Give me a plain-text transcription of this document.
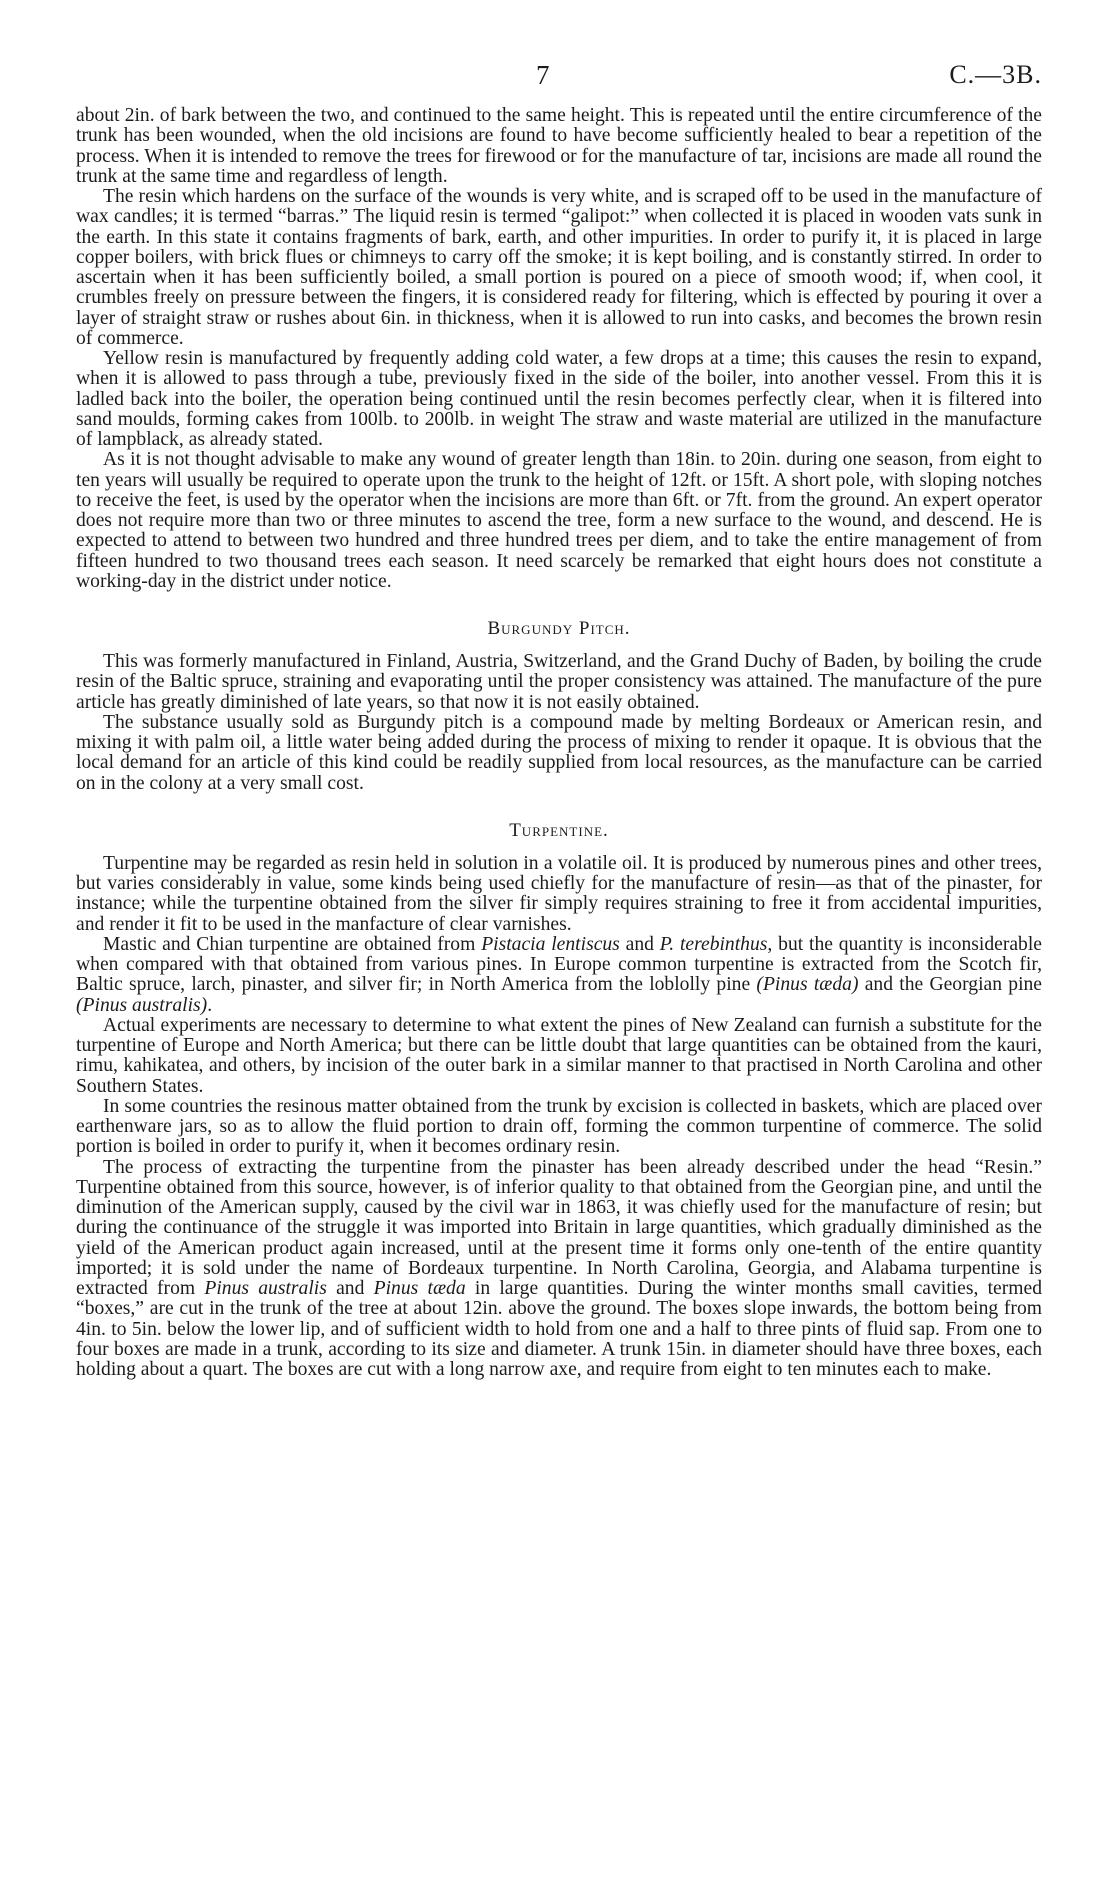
7	C.—3B.

about 2in. of bark between the two, and continued to the same height. This is repeated until the entire circumference of the trunk has been wounded, when the old incisions are found to have become sufficiently healed to bear a repetition of the process. When it is intended to remove the trees for firewood or for the manufacture of tar, incisions are made all round the trunk at the same time and regardless of length.

The resin which hardens on the surface of the wounds is very white, and is scraped off to be used in the manufacture of wax candles; it is termed “barras.” The liquid resin is termed “galipot:” when collected it is placed in wooden vats sunk in the earth. In this state it contains fragments of bark, earth, and other impurities. In order to purify it, it is placed in large copper boilers, with brick flues or chimneys to carry off the smoke; it is kept boiling, and is constantly stirred. In order to ascertain when it has been sufficiently boiled, a small portion is poured on a piece of smooth wood; if, when cool, it crumbles freely on pressure between the fingers, it is considered ready for filtering, which is effected by pouring it over a layer of straight straw or rushes about 6in. in thickness, when it is allowed to run into casks, and becomes the brown resin of commerce.

Yellow resin is manufactured by frequently adding cold water, a few drops at a time; this causes the resin to expand, when it is allowed to pass through a tube, previously fixed in the side of the boiler, into another vessel. From this it is ladled back into the boiler, the operation being continued until the resin becomes perfectly clear, when it is filtered into sand moulds, forming cakes from 100lb. to 200lb. in weight The straw and waste material are utilized in the manufacture of lampblack, as already stated.

As it is not thought advisable to make any wound of greater length than 18in. to 20in. during one season, from eight to ten years will usually be required to operate upon the trunk to the height of 12ft. or 15ft. A short pole, with sloping notches to receive the feet, is used by the operator when the incisions are more than 6ft. or 7ft. from the ground. An expert operator does not require more than two or three minutes to ascend the tree, form a new surface to the wound, and descend. He is expected to attend to between two hundred and three hundred trees per diem, and to take the entire management of from fifteen hundred to two thousand trees each season. It need scarcely be remarked that eight hours does not constitute a working-day in the district under notice.

Burgundy Pitch.

This was formerly manufactured in Finland, Austria, Switzerland, and the Grand Duchy of Baden, by boiling the crude resin of the Baltic spruce, straining and evaporating until the proper consistency was attained. The manufacture of the pure article has greatly diminished of late years, so that now it is not easily obtained.

The substance usually sold as Burgundy pitch is a compound made by melting Bordeaux or American resin, and mixing it with palm oil, a little water being added during the process of mixing to render it opaque. It is obvious that the local demand for an article of this kind could be readily supplied from local resources, as the manufacture can be carried on in the colony at a very small cost.

Turpentine.

Turpentine may be regarded as resin held in solution in a volatile oil. It is produced by numerous pines and other trees, but varies considerably in value, some kinds being used chiefly for the manufacture of resin—as that of the pinaster, for instance; while the turpentine obtained from the silver fir simply requires straining to free it from accidental impurities, and render it fit to be used in the manfacture of clear varnishes.

Mastic and Chian turpentine are obtained from Pistacia lentiscus and P. terebinthus, but the quantity is inconsiderable when compared with that obtained from various pines. In Europe common turpentine is extracted from the Scotch fir, Baltic spruce, larch, pinaster, and silver fir; in North America from the loblolly pine (Pinus tæda) and the Georgian pine (Pinus australis).

Actual experiments are necessary to determine to what extent the pines of New Zealand can furnish a substitute for the turpentine of Europe and North America; but there can be little doubt that large quantities can be obtained from the kauri, rimu, kahikatea, and others, by incision of the outer bark in a similar manner to that practised in North Carolina and other Southern States.

In some countries the resinous matter obtained from the trunk by excision is collected in baskets, which are placed over earthenware jars, so as to allow the fluid portion to drain off, forming the common turpentine of commerce. The solid portion is boiled in order to purify it, when it becomes ordinary resin.

The process of extracting the turpentine from the pinaster has been already described under the head “Resin.” Turpentine obtained from this source, however, is of inferior quality to that obtained from the Georgian pine, and until the diminution of the American supply, caused by the civil war in 1863, it was chiefly used for the manufacture of resin; but during the continuance of the struggle it was imported into Britain in large quantities, which gradually diminished as the yield of the American product again increased, until at the present time it forms only one-tenth of the entire quantity imported; it is sold under the name of Bordeaux turpentine. In North Carolina, Georgia, and Alabama turpentine is extracted from Pinus australis and Pinus tæda in large quantities. During the winter months small cavities, termed “boxes,” are cut in the trunk of the tree at about 12in. above the ground. The boxes slope inwards, the bottom being from 4in. to 5in. below the lower lip, and of sufficient width to hold from one and a half to three pints of fluid sap. From one to four boxes are made in a trunk, according to its size and diameter. A trunk 15in. in diameter should have three boxes, each holding about a quart. The boxes are cut with a long narrow axe, and require from eight to ten minutes each to make.
